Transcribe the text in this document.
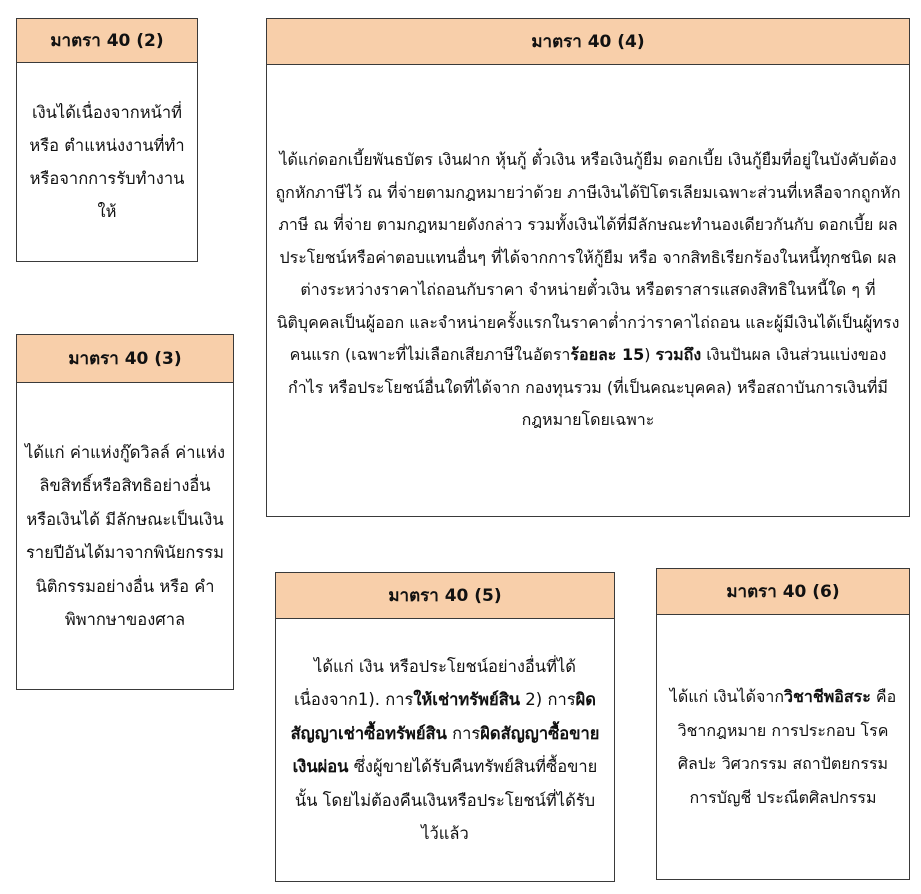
มาตรา 40 (2)

เงินได้เนื่องจากหน้าที่หรือ ตำแหน่งงานที่ทำหรือจากการรับทำงานให้

มาตรา 40 (4)

ได้แก่ดอกเบี้ยพันธบัตร เงินฝาก หุ้นกู้ ตั๋วเงิน หรือเงินกู้ยืม ดอกเบี้ย เงินกู้ยืมที่อยู่ในบังคับต้องถูกหักภาษีไว้ ณ ที่จ่ายตามกฎหมายว่าด้วย ภาษีเงินได้ปิโตรเลียมเฉพาะส่วนที่เหลือจากถูกหักภาษี ณ ที่จ่าย ตามกฎหมายดังกล่าว รวมทั้งเงินได้ที่มีลักษณะทำนองเดียวกันกับ ดอกเบี้ย ผลประโยชน์หรือค่าตอบแทนอื่นๆ ที่ได้จากการให้กู้ยืม หรือ จากสิทธิเรียกร้องในหนี้ทุกชนิด ผลต่างระหว่างราคาไถ่ถอนกับราคา จำหน่ายตั๋วเงิน หรือตราสารแสดงสิทธิในหนี้ใด ๆ ที่นิติบุคคลเป็นผู้ออก และจำหน่ายครั้งแรกในราคาต่ำกว่าราคาไถ่ถอน และผู้มีเงินได้เป็นผู้ทรงคนแรก (เฉพาะที่ไม่เลือกเสียภาษีในอัตราร้อยละ 15) รวมถึง เงินปันผล เงินส่วนแบ่งของกำไร หรือประโยชน์อื่นใดที่ได้จาก กองทุนรวม (ที่เป็นคณะบุคคล) หรือสถาบันการเงินที่มีกฎหมายโดยเฉพาะ

มาตรา 40 (3)

ได้แก่ ค่าแห่งกู๊ดวิลล์ ค่าแห่งลิขสิทธิ์หรือสิทธิอย่างอื่น หรือเงินได้ มีลักษณะเป็นเงินรายปีอันได้มาจากพินัยกรรม นิติกรรมอย่างอื่น หรือ คำพิพากษาของศาล

มาตรา 40 (5)

ได้แก่ เงิน หรือประโยชน์อย่างอื่นที่ได้เนื่องจาก1). การให้เช่าทรัพย์สิน 2) การผิดสัญญาเช่าซื้อทรัพย์สิน การผิดสัญญาซื้อขายเงินผ่อน ซึ่งผู้ขายได้รับคืนทรัพย์สินที่ซื้อขายนั้น โดยไม่ต้องคืนเงินหรือประโยชน์ที่ได้รับไว้แล้ว

มาตรา 40 (6)

ได้แก่ เงินได้จากวิชาชีพอิสระ คือ วิชากฎหมาย การประกอบ โรคศิลปะ วิศวกรรม สถาปัตยกรรม การบัญชี ประณีตศิลปกรรม
